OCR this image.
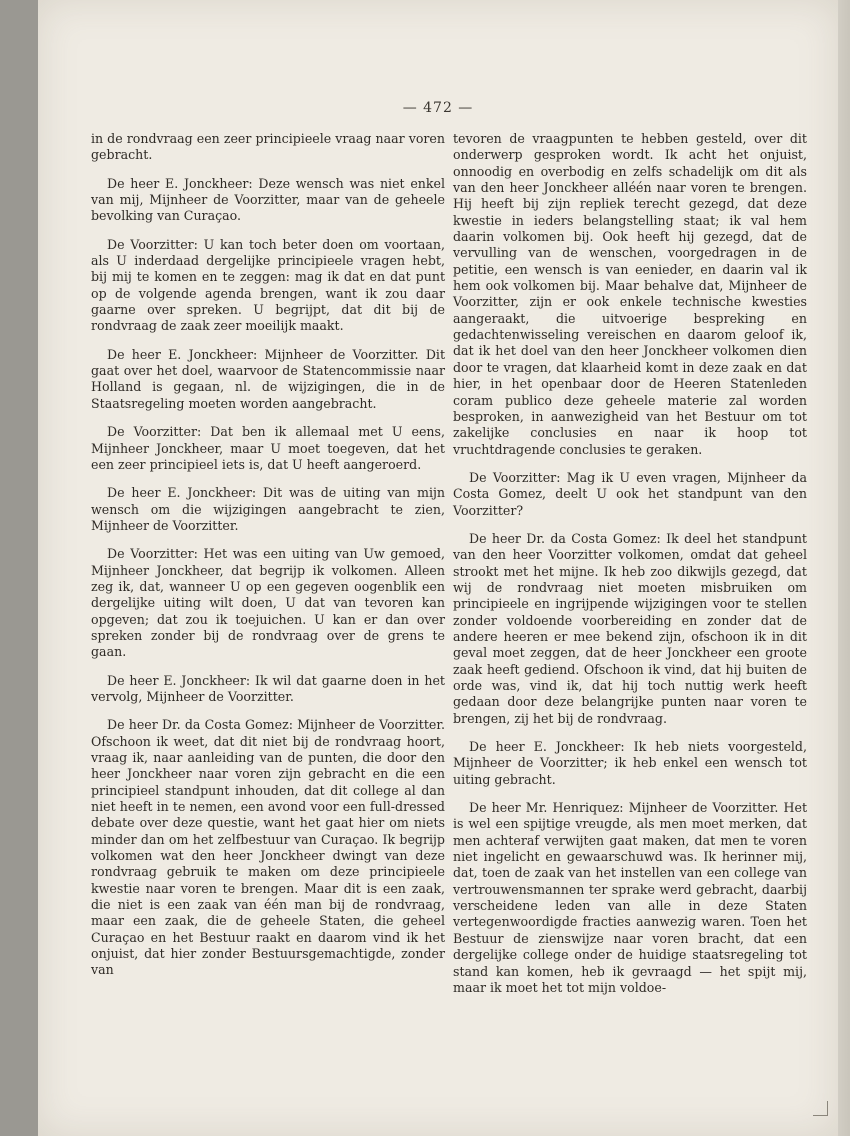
— 472 —

in de rondvraag een zeer principieele vraag naar voren gebracht.

De heer E. Jonckheer: Deze wensch was niet enkel van mij, Mijnheer de Voorzitter, maar van de geheele bevolking van Curaçao.

De Voorzitter: U kan toch beter doen om voortaan, als U inderdaad dergelijke principieele vragen hebt, bij mij te komen en te zeggen: mag ik dat en dat punt op de volgende agenda brengen, want ik zou daar gaarne over spreken. U begrijpt, dat dit bij de rondvraag de zaak zeer moeilijk maakt.

De heer E. Jonckheer: Mijnheer de Voorzitter. Dit gaat over het doel, waarvoor de Statencommissie naar Holland is gegaan, nl. de wijzigingen, die in de Staatsregeling moeten worden aangebracht.

De Voorzitter: Dat ben ik allemaal met U eens, Mijnheer Jonckheer, maar U moet toegeven, dat het een zeer principieel iets is, dat U heeft aangeroerd.

De heer E. Jonckheer: Dit was de uiting van mijn wensch om die wijzigingen aangebracht te zien, Mijnheer de Voorzitter.

De Voorzitter: Het was een uiting van Uw gemoed, Mijnheer Jonckheer, dat begrijp ik volkomen. Alleen zeg ik, dat, wanneer U op een gegeven oogenblik een dergelijke uiting wilt doen, U dat van tevoren kan opgeven; dat zou ik toejuichen. U kan er dan over spreken zonder bij de rondvraag over de grens te gaan.

De heer E. Jonckheer: Ik wil dat gaarne doen in het vervolg, Mijnheer de Voorzitter.

De heer Dr. da Costa Gomez: Mijnheer de Voorzitter. Ofschoon ik weet, dat dit niet bij de rondvraag hoort, vraag ik, naar aanleiding van de punten, die door den heer Jonckheer naar voren zijn gebracht en die een principieel standpunt inhouden, dat dit college al dan niet heeft in te nemen, een avond voor een full-dressed debate over deze questie, want het gaat hier om niets minder dan om het zelfbestuur van Curaçao. Ik begrijp volkomen wat den heer Jonckheer dwingt van deze rondvraag gebruik te maken om deze principieele kwestie naar voren te brengen. Maar dit is een zaak, die niet is een zaak van één man bij de rondvraag, maar een zaak, die de geheele Staten, die geheel Curaçao en het Bestuur raakt en daarom vind ik het onjuist, dat hier zonder Bestuursgemachtigde, zonder van

tevoren de vraagpunten te hebben gesteld, over dit onderwerp gesproken wordt. Ik acht het onjuist, onnoodig en overbodig en zelfs schadelijk om dit als van den heer Jonckheer alléén naar voren te brengen. Hij heeft bij zijn repliek terecht gezegd, dat deze kwestie in ieders belangstelling staat; ik val hem daarin volkomen bij. Ook heeft hij gezegd, dat de vervulling van de wenschen, voorgedragen in de petitie, een wensch is van eenieder, en daarin val ik hem ook volkomen bij. Maar behalve dat, Mijnheer de Voorzitter, zijn er ook enkele technische kwesties aangeraakt, die uitvoerige bespreking en gedachtenwisseling vereischen en daarom geloof ik, dat ik het doel van den heer Jonckheer volkomen dien door te vragen, dat klaarheid komt in deze zaak en dat hier, in het openbaar door de Heeren Statenleden coram publico deze geheele materie zal worden besproken, in aanwezigheid van het Bestuur om tot zakelijke conclusies en naar ik hoop tot vruchtdragende conclusies te geraken.

De Voorzitter: Mag ik U even vragen, Mijnheer da Costa Gomez, deelt U ook het standpunt van den Voorzitter?

De heer Dr. da Costa Gomez: Ik deel het standpunt van den heer Voorzitter volkomen, omdat dat geheel strookt met het mijne. Ik heb zoo dikwijls gezegd, dat wij de rondvraag niet moeten misbruiken om principieele en ingrijpende wijzigingen voor te stellen zonder voldoende voorbereiding en zonder dat de andere heeren er mee bekend zijn, ofschoon ik in dit geval moet zeggen, dat de heer Jonckheer een groote zaak heeft gediend. Ofschoon ik vind, dat hij buiten de orde was, vind ik, dat hij toch nuttig werk heeft gedaan door deze belangrijke punten naar voren te brengen, zij het bij de rondvraag.

De heer E. Jonckheer: Ik heb niets voorgesteld, Mijnheer de Voorzitter; ik heb enkel een wensch tot uiting gebracht.

De heer Mr. Henriquez: Mijnheer de Voorzitter. Het is wel een spijtige vreugde, als men moet merken, dat men achteraf verwijten gaat maken, dat men te voren niet ingelicht en gewaarschuwd was. Ik herinner mij, dat, toen de zaak van het instellen van een college van vertrouwensmannen ter sprake werd gebracht, daarbij verscheidene leden van alle in deze Staten vertegenwoordigde fracties aanwezig waren. Toen het Bestuur de zienswijze naar voren bracht, dat een dergelijke college onder de huidige staatsregeling tot stand kan komen, heb ik gevraagd — het spijt mij, maar ik moet het tot mijn voldoe-
